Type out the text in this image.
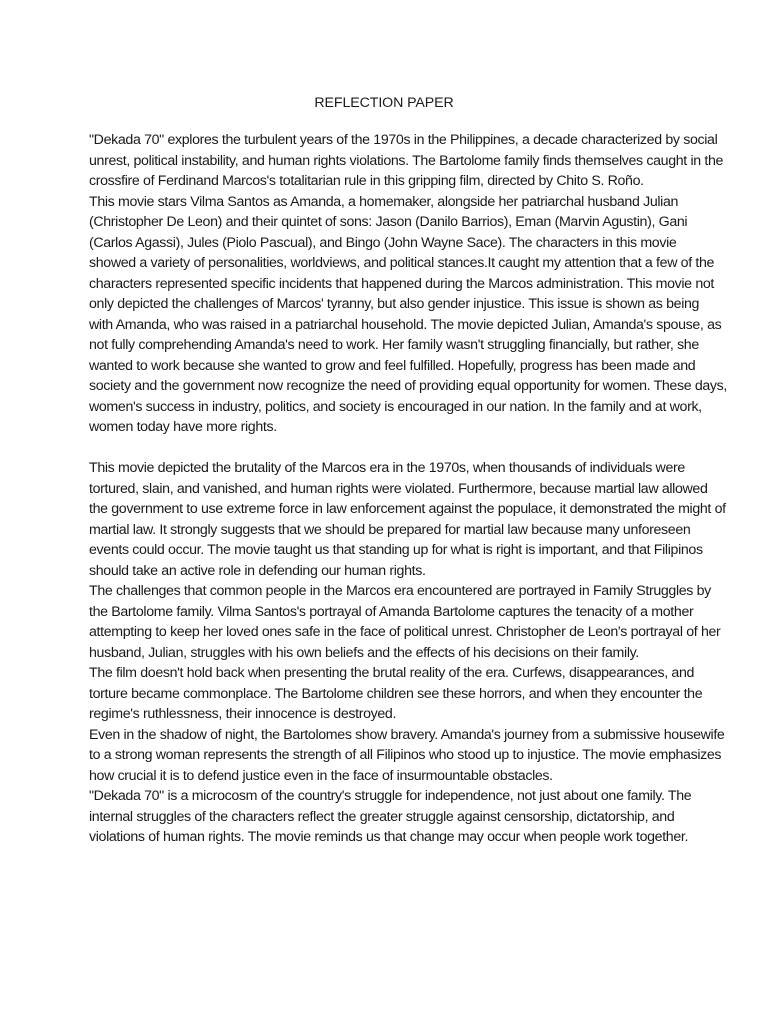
REFLECTION PAPER
"Dekada 70" explores the turbulent years of the 1970s in the Philippines, a decade characterized by social
unrest, political instability, and human rights violations. The Bartolome family finds themselves caught in the
crossfire of Ferdinand Marcos's totalitarian rule in this gripping film, directed by Chito S. Roño.
This movie stars Vilma Santos as Amanda, a homemaker, alongside her patriarchal husband Julian
(Christopher De Leon) and their quintet of sons: Jason (Danilo Barrios), Eman (Marvin Agustin), Gani
(Carlos Agassi), Jules (Piolo Pascual), and Bingo (John Wayne Sace). The characters in this movie
showed a variety of personalities, worldviews, and political stances.It caught my attention that a few of the
characters represented specific incidents that happened during the Marcos administration. This movie not
only depicted the challenges of Marcos' tyranny, but also gender injustice. This issue is shown as being
with Amanda, who was raised in a patriarchal household. The movie depicted Julian, Amanda's spouse, as
not fully comprehending Amanda's need to work. Her family wasn't struggling financially, but rather, she
wanted to work because she wanted to grow and feel fulfilled. Hopefully, progress has been made and
society and the government now recognize the need of providing equal opportunity for women. These days,
women's success in industry, politics, and society is encouraged in our nation. In the family and at work,
women today have more rights.
This movie depicted the brutality of the Marcos era in the 1970s, when thousands of individuals were
tortured, slain, and vanished, and human rights were violated. Furthermore, because martial law allowed
the government to use extreme force in law enforcement against the populace, it demonstrated the might of
martial law. It strongly suggests that we should be prepared for martial law because many unforeseen
events could occur. The movie taught us that standing up for what is right is important, and that Filipinos
should take an active role in defending our human rights.
The challenges that common people in the Marcos era encountered are portrayed in Family Struggles by
the Bartolome family. Vilma Santos's portrayal of Amanda Bartolome captures the tenacity of a mother
attempting to keep her loved ones safe in the face of political unrest. Christopher de Leon's portrayal of her
husband, Julian, struggles with his own beliefs and the effects of his decisions on their family.
The film doesn't hold back when presenting the brutal reality of the era. Curfews, disappearances, and
torture became commonplace. The Bartolome children see these horrors, and when they encounter the
regime's ruthlessness, their innocence is destroyed.
Even in the shadow of night, the Bartolomes show bravery. Amanda's journey from a submissive housewife
to a strong woman represents the strength of all Filipinos who stood up to injustice. The movie emphasizes
how crucial it is to defend justice even in the face of insurmountable obstacles.
"Dekada 70" is a microcosm of the country's struggle for independence, not just about one family. The
internal struggles of the characters reflect the greater struggle against censorship, dictatorship, and
violations of human rights. The movie reminds us that change may occur when people work together.
